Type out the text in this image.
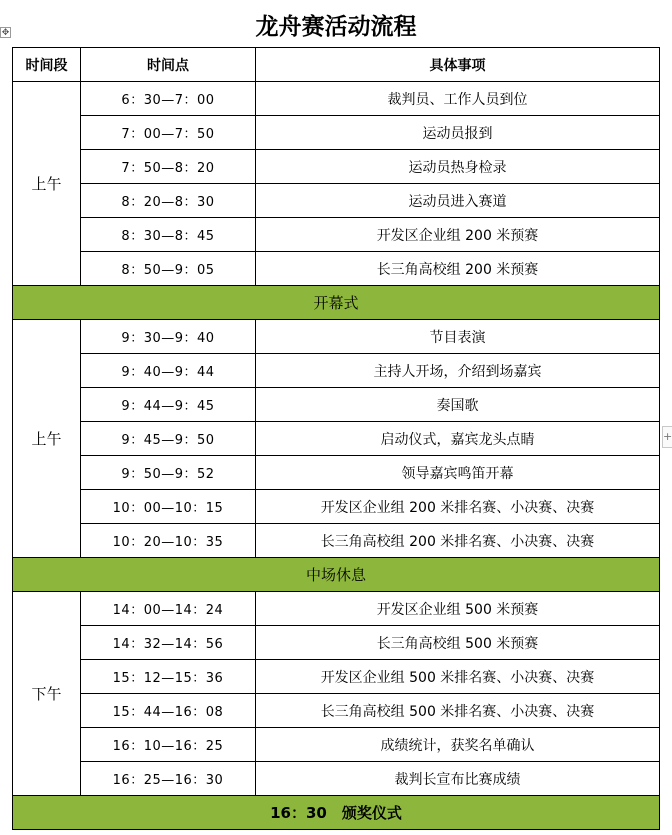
✥
+
龙舟赛活动流程
时间段	时间点	具体事项
上午	6：30—7：00	裁判员、工作人员到位
	7：00—7：50	运动员报到
	7：50—8：20	运动员热身检录
	8：20—8：30	运动员进入赛道
	8：30—8：45	开发区企业组 200 米预赛
	8：50—9：05	长三角高校组 200 米预赛
开幕式		
上午	9：30—9：40	节目表演
	9：40—9：44	主持人开场，介绍到场嘉宾
	9：44—9：45	奏国歌
	9：45—9：50	启动仪式，嘉宾龙头点睛
	9：50—9：52	领导嘉宾鸣笛开幕
	10：00—10：15	开发区企业组 200 米排名赛、小决赛、决赛
	10：20—10：35	长三角高校组 200 米排名赛、小决赛、决赛
中场休息		
下午	14：00—14：24	开发区企业组 500 米预赛
	14：32—14：56	长三角高校组 500 米预赛
	15：12—15：36	开发区企业组 500 米排名赛、小决赛、决赛
	15：44—16：08	长三角高校组 500 米排名赛、小决赛、决赛
	16：10—16：25	成绩统计，获奖名单确认
	16：25—16：30	裁判长宣布比赛成绩
16：30　颁奖仪式		
